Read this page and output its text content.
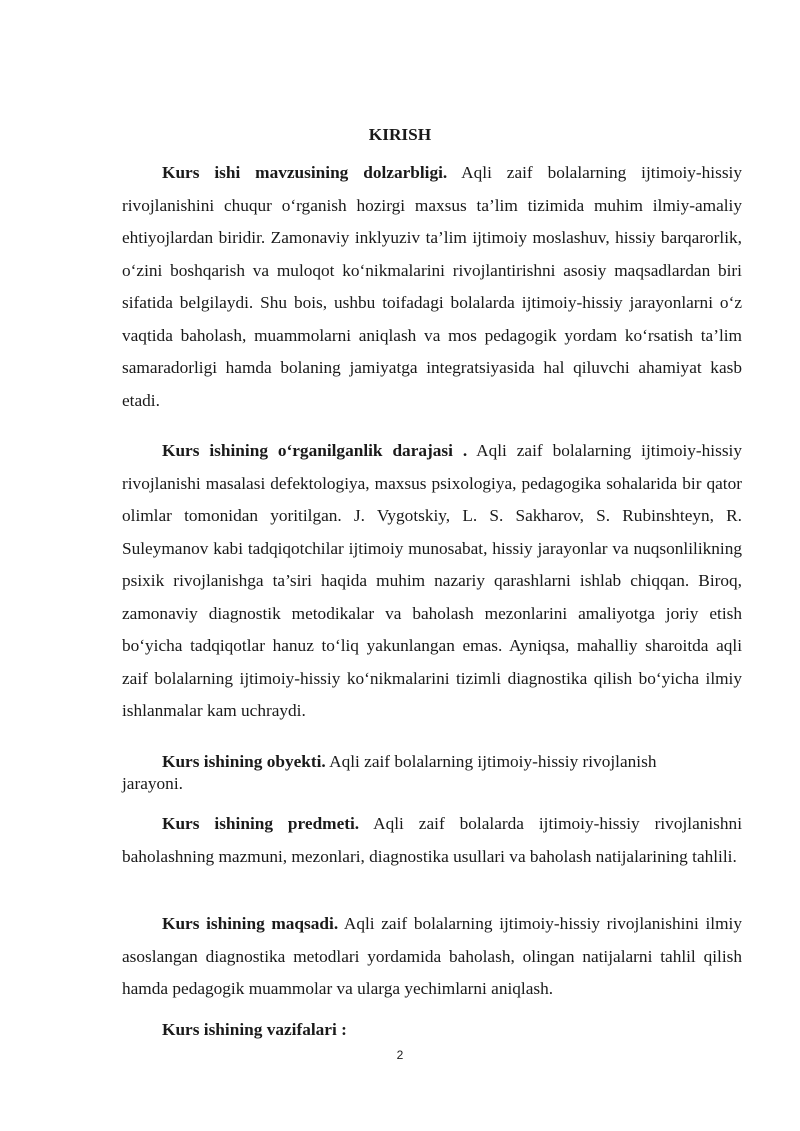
KIRISH

Kurs ishi mavzusining dolzarbligi. Aqli zaif bolalarning ijtimoiy-hissiy rivojlanishini chuqur o‘rganish hozirgi maxsus ta’lim tizimida muhim ilmiy-amaliy ehtiyojlardan biridir. Zamonaviy inklyuziv ta’lim ijtimoiy moslashuv, hissiy barqarorlik, o‘zini boshqarish va muloqot ko‘nikmalarini rivojlantirishni asosiy maqsadlardan biri sifatida belgilaydi. Shu bois, ushbu toifadagi bolalarda ijtimoiy-hissiy jarayonlarni o‘z vaqtida baholash, muammolarni aniqlash va mos pedagogik yordam ko‘rsatish ta’lim samaradorligi hamda bolaning jamiyatga integratsiyasida hal qiluvchi ahamiyat kasb etadi.

Kurs ishining o‘rganilganlik darajasi . Aqli zaif bolalarning ijtimoiy-hissiy rivojlanishi masalasi defektologiya, maxsus psixologiya, pedagogika sohalarida bir qator olimlar tomonidan yoritilgan. J. Vygotskiy, L. S. Sakharov, S. Rubinshteyn, R. Suleymanov kabi tadqiqotchilar ijtimoiy munosabat, hissiy jarayonlar va nuqsonlilikning psixik rivojlanishga ta’siri haqida muhim nazariy qarashlarni ishlab chiqqan. Biroq, zamonaviy diagnostik metodikalar va baholash mezonlarini amaliyotga joriy etish bo‘yicha tadqiqotlar hanuz to‘liq yakunlangan emas. Ayniqsa, mahalliy sharoitda aqli zaif bolalarning ijtimoiy-hissiy ko‘nikmalarini tizimli diagnostika qilish bo‘yicha ilmiy ishlanmalar kam uchraydi.

Kurs ishining obyekti. Aqli zaif bolalarning ijtimoiy-hissiy rivojlanish jarayoni.

Kurs ishining predmeti. Aqli zaif bolalarda ijtimoiy-hissiy rivojlanishni baholashning mazmuni, mezonlari, diagnostika usullari va baholash natijalarining tahlili.

Kurs ishining maqsadi. Aqli zaif bolalarning ijtimoiy-hissiy rivojlanishini ilmiy asoslangan diagnostika metodlari yordamida baholash, olingan natijalarni tahlil qilish hamda pedagogik muammolar va ularga yechimlarni aniqlash.

Kurs ishining vazifalari :

2
